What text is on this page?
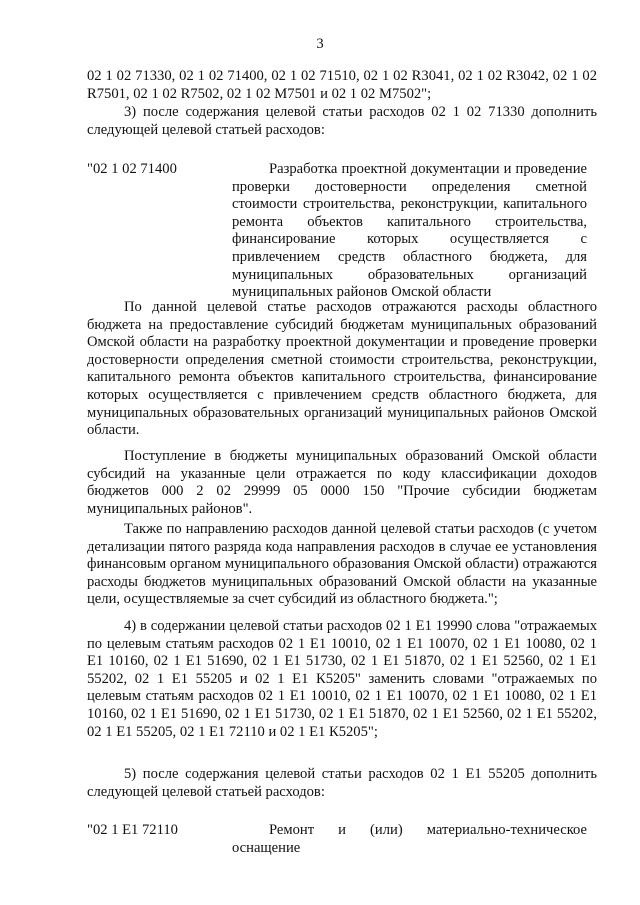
3

02 1 02 71330, 02 1 02 71400, 02 1 02 71510, 02 1 02 R3041, 02 1 02 R3042, 02 1 02 R7501, 02 1 02 R7502, 02 1 02 М7501 и 02 1 02 М7502";

3) после содержания целевой статьи расходов 02 1 02 71330 дополнить следующей целевой статьей расходов:

"02 1 02 71400	Разработка проектной документации и проведение проверки достоверности определения сметной стоимости строительства, реконструкции, капитального ремонта объектов капитального строительства, финансирование которых осуществляется с привлечением средств областного бюджета, для муниципальных образовательных организаций муниципальных районов Омской области

По данной целевой статье расходов отражаются расходы областного бюджета на предоставление субсидий бюджетам муниципальных образований Омской области на разработку проектной документации и проведение проверки достоверности определения сметной стоимости строительства, реконструкции, капитального ремонта объектов капитального строительства, финансирование которых осуществляется с привлечением средств областного бюджета, для муниципальных образовательных организаций муниципальных районов Омской области.

Поступление в бюджеты муниципальных образований Омской области субсидий на указанные цели отражается по коду классификации доходов бюджетов 000 2 02 29999 05 0000 150 "Прочие субсидии бюджетам муниципальных районов".

Также по направлению расходов данной целевой статьи расходов (с учетом детализации пятого разряда кода направления расходов в случае ее установления финансовым органом муниципального образования Омской области) отражаются расходы бюджетов муниципальных образований Омской области на указанные цели, осуществляемые за счет субсидий из областного бюджета.";

4) в содержании целевой статьи расходов 02 1 Е1 19990 слова "отражаемых по целевым статьям расходов 02 1 Е1 10010, 02 1 Е1 10070, 02 1 Е1 10080, 02 1 Е1 10160, 02 1 Е1 51690, 02 1 Е1 51730, 02 1 Е1 51870, 02 1 Е1 52560, 02 1 Е1 55202, 02 1 Е1 55205 и 02 1 Е1 К5205" заменить словами "отражаемых по целевым статьям расходов 02 1 Е1 10010, 02 1 Е1 10070, 02 1 Е1 10080, 02 1 Е1 10160, 02 1 Е1 51690, 02 1 Е1 51730, 02 1 Е1 51870, 02 1 Е1 52560, 02 1 Е1 55202, 02 1 Е1 55205, 02 1 Е1 72110 и 02 1 Е1 К5205";

5) после содержания целевой статьи расходов 02 1 Е1 55205 дополнить следующей целевой статьей расходов:

"02 1 Е1 72110	Ремонт и (или) материально-техническое оснащение
